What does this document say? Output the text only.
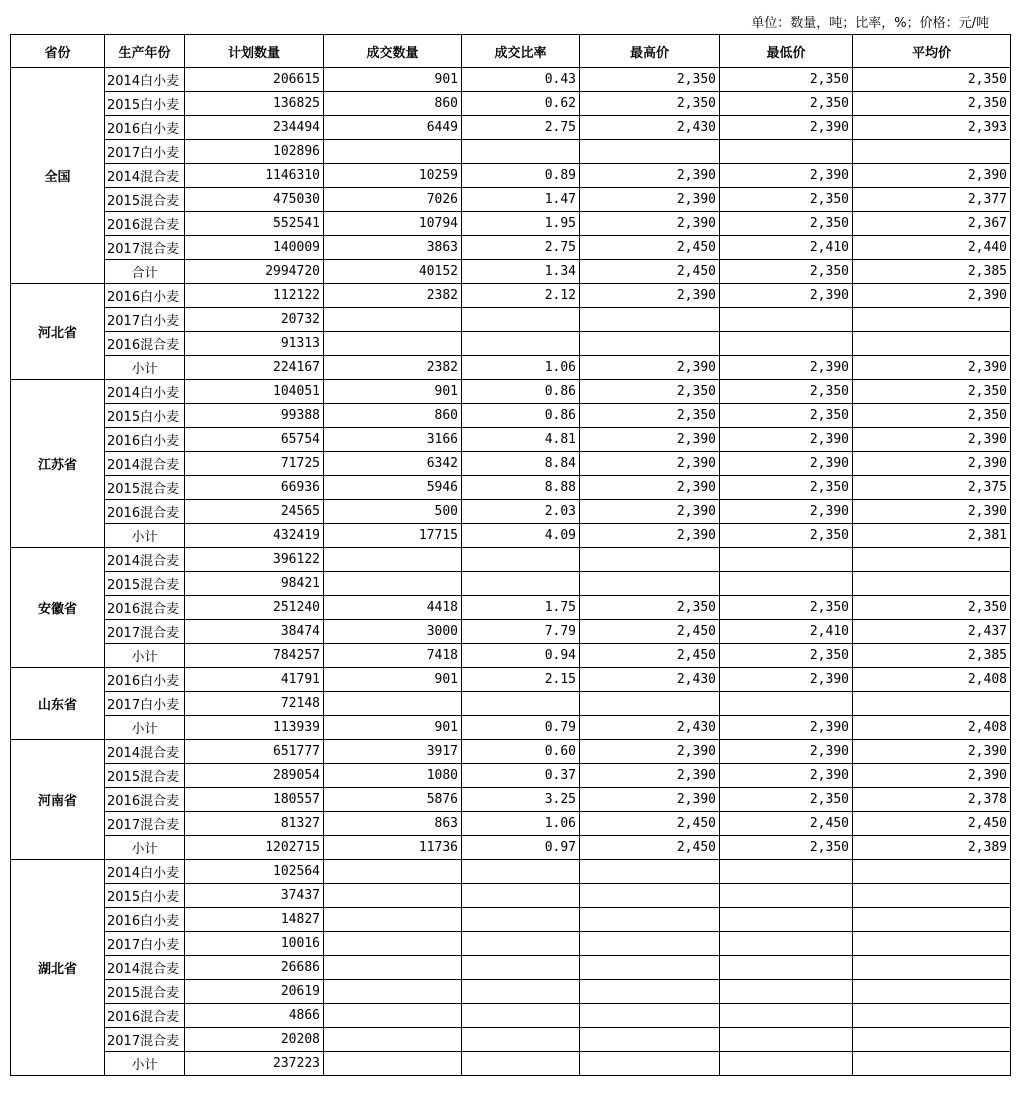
单位：数量，吨；比率，%；价格：元/吨
省份	生产年份	计划数量	成交数量	成交比率	最高价	最低价	平均价
全国	2014白小麦	206615	901	0.43	2,350	2,350	2,350
	2015白小麦	136825	860	0.62	2,350	2,350	2,350
	2016白小麦	234494	6449	2.75	2,430	2,390	2,393
	2017白小麦	102896					
	2014混合麦	1146310	10259	0.89	2,390	2,390	2,390
	2015混合麦	475030	7026	1.47	2,390	2,350	2,377
	2016混合麦	552541	10794	1.95	2,390	2,350	2,367
	2017混合麦	140009	3863	2.75	2,450	2,410	2,440
	合计	2994720	40152	1.34	2,450	2,350	2,385
河北省	2016白小麦	112122	2382	2.12	2,390	2,390	2,390
	2017白小麦	20732					
	2016混合麦	91313					
	小计	224167	2382	1.06	2,390	2,390	2,390
江苏省	2014白小麦	104051	901	0.86	2,350	2,350	2,350
	2015白小麦	99388	860	0.86	2,350	2,350	2,350
	2016白小麦	65754	3166	4.81	2,390	2,390	2,390
	2014混合麦	71725	6342	8.84	2,390	2,390	2,390
	2015混合麦	66936	5946	8.88	2,390	2,350	2,375
	2016混合麦	24565	500	2.03	2,390	2,390	2,390
	小计	432419	17715	4.09	2,390	2,350	2,381
安徽省	2014混合麦	396122					
	2015混合麦	98421					
	2016混合麦	251240	4418	1.75	2,350	2,350	2,350
	2017混合麦	38474	3000	7.79	2,450	2,410	2,437
	小计	784257	7418	0.94	2,450	2,350	2,385
山东省	2016白小麦	41791	901	2.15	2,430	2,390	2,408
	2017白小麦	72148					
	小计	113939	901	0.79	2,430	2,390	2,408
河南省	2014混合麦	651777	3917	0.60	2,390	2,390	2,390
	2015混合麦	289054	1080	0.37	2,390	2,390	2,390
	2016混合麦	180557	5876	3.25	2,390	2,350	2,378
	2017混合麦	81327	863	1.06	2,450	2,450	2,450
	小计	1202715	11736	0.97	2,450	2,350	2,389
湖北省	2014白小麦	102564					
	2015白小麦	37437					
	2016白小麦	14827					
	2017白小麦	10016					
	2014混合麦	26686					
	2015混合麦	20619					
	2016混合麦	4866					
	2017混合麦	20208					
	小计	237223					
